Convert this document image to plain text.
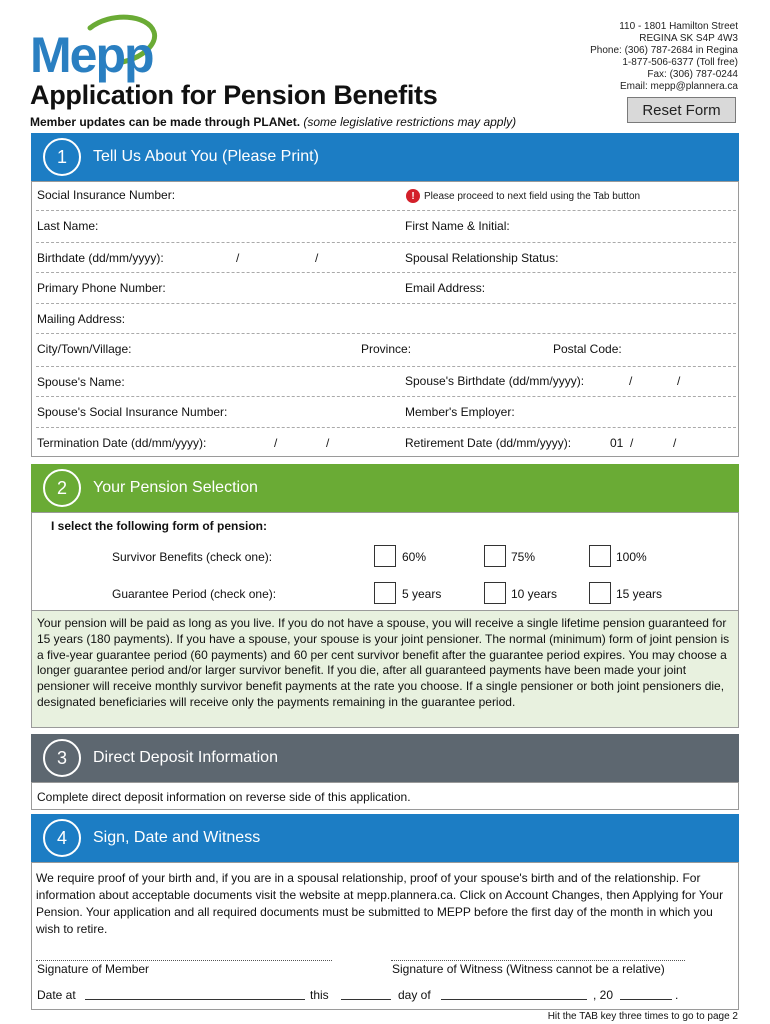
Mepp
110 - 1801 Hamilton Street
REGINA SK S4P 4W3
Phone: (306) 787-2684 in Regina
1-877-506-6377 (Toll free)
Fax: (306) 787-0244
Email: mepp@plannera.ca
Application for Pension Benefits
Member updates can be made through PLANet. (some legislative restrictions may apply)
Reset Form
1	Tell Us About You (Please Print)
Social Insurance Number:	! Please proceed to next field using the Tab button
Last Name:	First Name & Initial:
Birthdate (dd/mm/yyyy):	/	/	Spousal Relationship Status:
Primary Phone Number:	Email Address:
Mailing Address:
City/Town/Village:	Province:	Postal Code:
Spouse's Name:	Spouse's Birthdate (dd/mm/yyyy):	/	/
Spouse's Social Insurance Number:	Member's Employer:
Termination Date (dd/mm/yyyy):	/	/	Retirement Date (dd/mm/yyyy):	01 /	/
2	Your Pension Selection
I select the following form of pension:
Survivor Benefits (check one):	60%	75%	100%
Guarantee Period (check one):	5 years	10 years	15 years
Your pension will be paid as long as you live. If you do not have a spouse, you will receive a single lifetime pension guaranteed for 15 years (180 payments). If you have a spouse, your spouse is your joint pensioner. The normal (minimum) form of joint pension is a five-year guarantee period (60 payments) and 60 per cent survivor benefit after the guarantee period expires. You may choose a longer guarantee period and/or larger survivor benefit. If you die, after all guaranteed payments have been made your joint pensioner will receive monthly survivor benefit payments at the rate you choose. If a single pensioner or both joint pensioners die, designated beneficiaries will receive only the payments remaining in the guarantee period.
3	Direct Deposit Information
Complete direct deposit information on reverse side of this application.
4	Sign, Date and Witness
We require proof of your birth and, if you are in a spousal relationship, proof of your spouse's birth and of the relationship. For information about acceptable documents visit the website at mepp.plannera.ca. Click on Account Changes, then Applying for Your Pension. Your application and all required documents must be submitted to MEPP before the first day of the month in which you wish to retire.
Signature of Member	Signature of Witness (Witness cannot be a relative)
Date at	this	day of	, 20	.
Hit the TAB key three times to go to page 2
